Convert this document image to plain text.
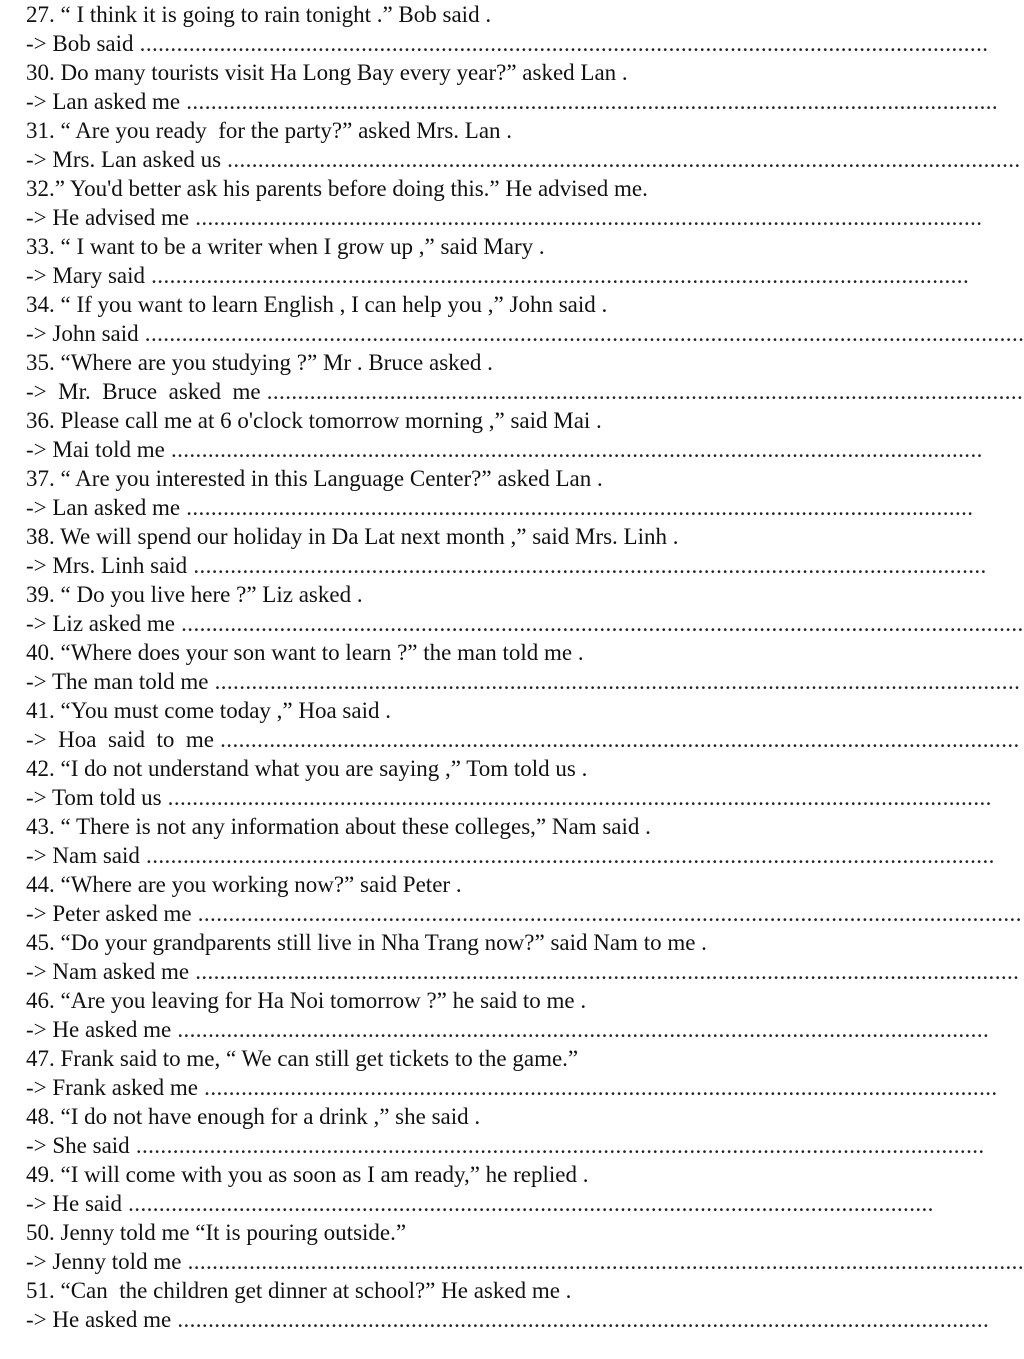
27. “ I think it is going to rain tonight .” Bob said .
-> Bob said ..........................................................................................................................................
30. Do many tourists visit Ha Long Bay every year?” asked Lan .
-> Lan asked me ....................................................................................................................................
31. “ Are you ready  for the party?” asked Mrs. Lan .
-> Mrs. Lan asked us .................................................................................................................................
32.” You'd better ask his parents before doing this.” He advised me.
-> He advised me ................................................................................................................................
33. “ I want to be a writer when I grow up ,” said Mary .
-> Mary said .....................................................................................................................................
34. “ If you want to learn English , I can help you ,” John said .
-> John said ...............................................................................................................................................
35. “Where are you studying ?” Mr . Bruce asked .
->  Mr.  Bruce  asked  me ...........................................................................................................................
36. Please call me at 6 o'clock tomorrow morning ,” said Mai .
-> Mai told me ....................................................................................................................................
37. “ Are you interested in this Language Center?” asked Lan .
-> Lan asked me ................................................................................................................................
38. We will spend our holiday in Da Lat next month ,” said Mrs. Linh .
-> Mrs. Linh said .................................................................................................................................
39. “ Do you live here ?” Liz asked .
-> Liz asked me .........................................................................................................................................
40. “Where does your son want to learn ?” the man told me .
-> The man told me ...................................................................................................................................
41. “You must come today ,” Hoa said .
->  Hoa  said  to  me ..................................................................................................................................
42. “I do not understand what you are saying ,” Tom told us .
-> Tom told us ......................................................................................................................................
43. “ There is not any information about these colleges,” Nam said .
-> Nam said ..........................................................................................................................................
44. “Where are you working now?” said Peter .
-> Peter asked me ......................................................................................................................................
45. “Do your grandparents still live in Nha Trang now?” said Nam to me .
-> Nam asked me ......................................................................................................................................
46. “Are you leaving for Ha Noi tomorrow ?” he said to me .
-> He asked me ....................................................................................................................................
47. Frank said to me, “ We can still get tickets to the game.”
-> Frank asked me .................................................................................................................................
48. “I do not have enough for a drink ,” she said .
-> She said ..........................................................................................................................................
49. “I will come with you as soon as I am ready,” he replied .
-> He said ...................................................................................................................................
50. Jenny told me “It is pouring outside.”
-> Jenny told me ........................................................................................................................................
51. “Can  the children get dinner at school?” He asked me .
-> He asked me ....................................................................................................................................
